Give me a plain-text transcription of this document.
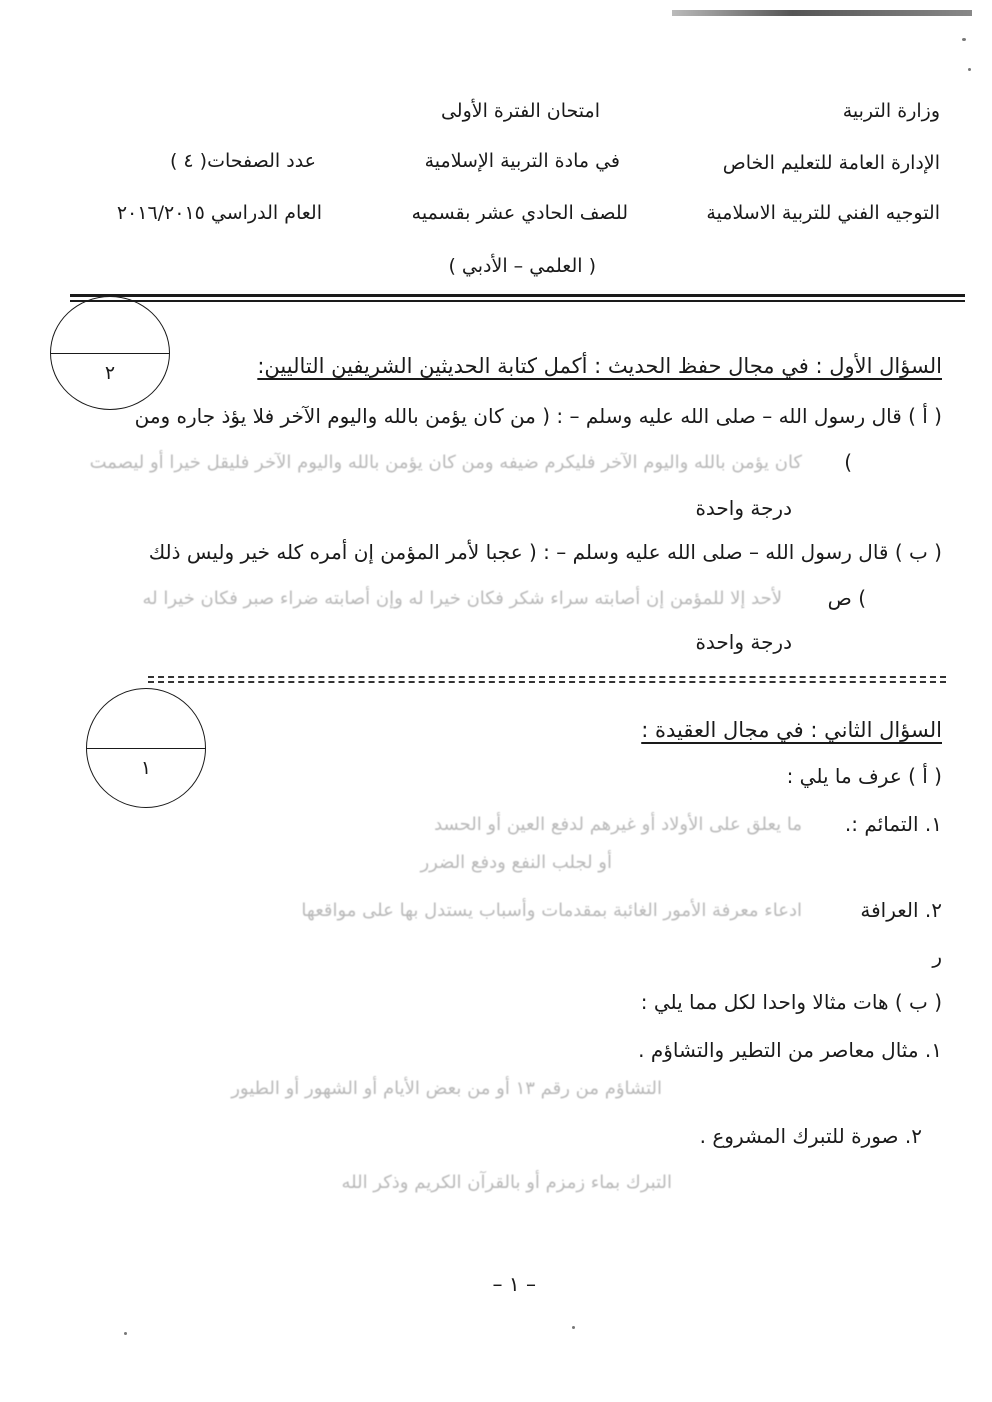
وزارة التربية
الإدارة العامة للتعليم الخاص
التوجيه الفني للتربية الاسلامية
امتحان الفترة الأولى
في مادة التربية الإسلامية
للصف الحادي عشر بقسميه
( العلمي – الأدبي )
عدد الصفحات( ٤ )
العام الدراسي ٢٠١٦/٢٠١٥
٢	السؤال الأول : في مجال حفظ الحديث : أكمل كتابة الحديثين الشريفين التاليين:
( أ ) قال رسول الله – صلى الله عليه وسلم – : ( من كان يؤمن بالله واليوم الآخر فلا يؤذ جاره ومن
كان يؤمن بالله واليوم الآخر فليكرم ضيفه ومن كان يؤمن بالله واليوم الآخر فليقل خيرا أو ليصمت )
درجة واحدة
( ب ) قال رسول الله – صلى الله عليه وسلم – : ( عجبا لأمر المؤمن إن أمره كله خير وليس ذلك
لأحد إلا للمؤمن إن أصابته سراء شكر فكان خيرا له وإن أصابته ضراء صبر فكان خيرا له ) ص
درجة واحدة
١
السؤال الثاني : في مجال العقيدة :
( أ ) عرف ما يلي :
١. التمائم :.
ما يعلق على الأولاد أو غيرهم لدفع العين أو الحسد
أو لجلب النفع ودفع الضرر
٢. العرافة
ادعاء معرفة الأمور الغائبة بمقدمات وأسباب يستدل بها على مواقعها
ر
( ب ) هات مثالا واحدا لكل مما يلي :
١. مثال معاصر من التطير والتشاؤم .
التشاؤم من رقم ١٣ أو من بعض الأيام أو الشهور أو الطيور
٢. صورة للتبرك المشروع .
التبرك بماء زمزم أو بالقرآن الكريم وذكر الله
– ١ –
